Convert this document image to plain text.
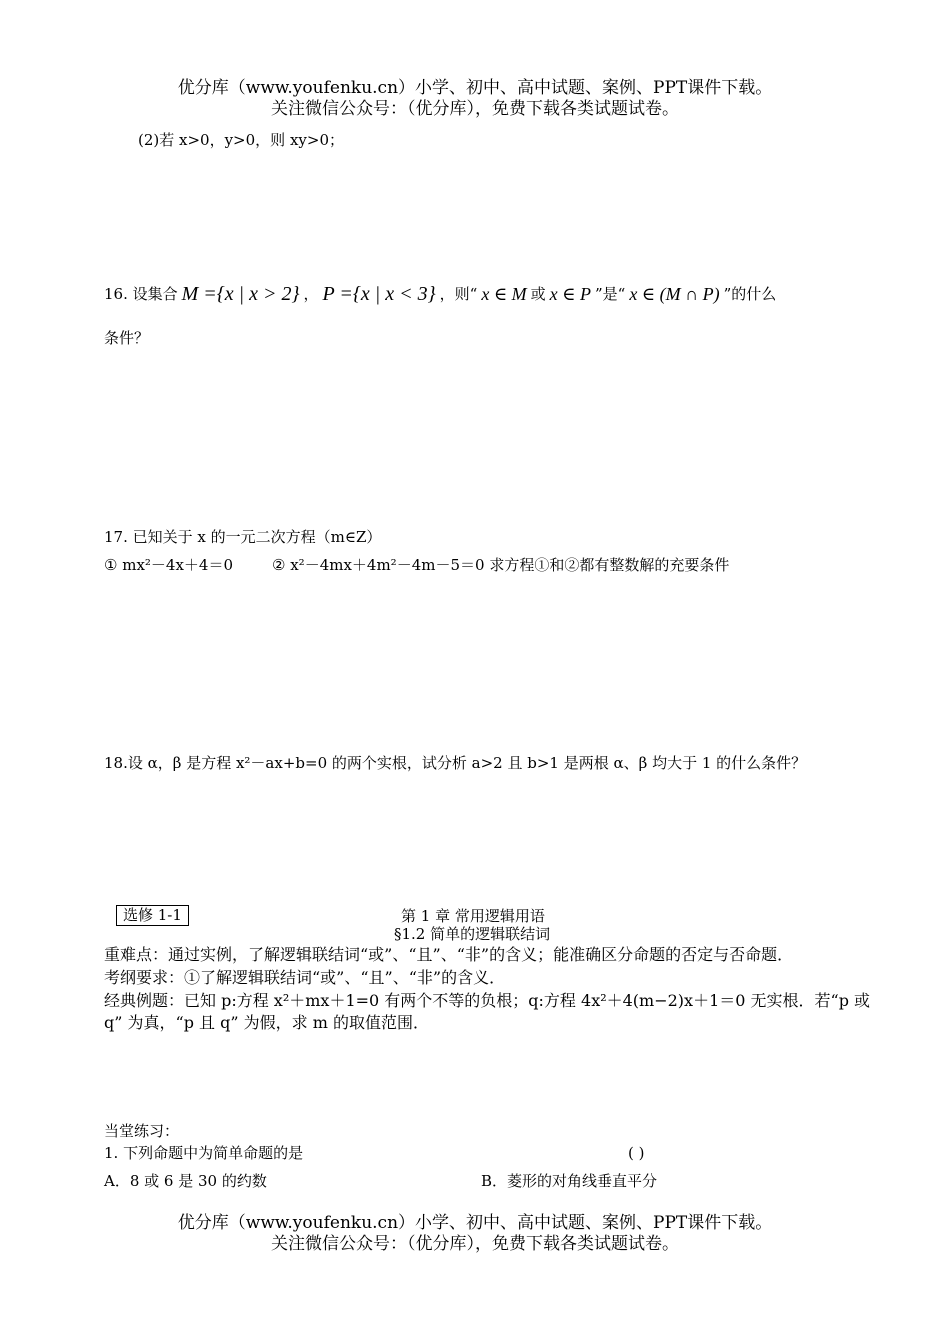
优分库（www.youfenku.cn）小学、初中、高中试题、案例、PPT课件下载。
关注微信公众号：（优分库），免费下载各类试题试卷。
(2)若 x>0，y>0，则 xy>0；
16. 设集合 M ={x | x > 2} ， P ={x | x < 3} ，则“ x ∈ M 或 x ∈ P ”是“ x ∈ (M ∩ P) ”的什么
条件？
17. 已知关于 x 的一元二次方程（m∈Z）
① mx²－4x＋4＝0	② x²－4mx＋4m²－4m－5＝0 求方程①和②都有整数解的充要条件
18.设 α，β 是方程 x²－ax+b=0 的两个实根，试分析 a>2 且 b>1 是两根 α、β 均大于 1 的什么条件？
选修 1-1	第 1 章 常用逻辑用语
§1.2 简单的逻辑联结词
重难点：通过实例，了解逻辑联结词“或”、“且”、“非”的含义；能准确区分命题的否定与否命题．
考纲要求：①了解逻辑联结词“或”、“且”、“非”的含义．
经典例题：已知 p:方程 x²＋mx＋1=0 有两个不等的负根；q:方程 4x²＋4(m−2)x＋1＝0 无实根．若“p 或
q” 为真，“p 且 q” 为假，求 m 的取值范围．
当堂练习：
1. 下列命题中为简单命题的是	( )
A．8 或 6 是 30 的约数	B．菱形的对角线垂直平分
优分库（www.youfenku.cn）小学、初中、高中试题、案例、PPT课件下载。
关注微信公众号：（优分库），免费下载各类试题试卷。
